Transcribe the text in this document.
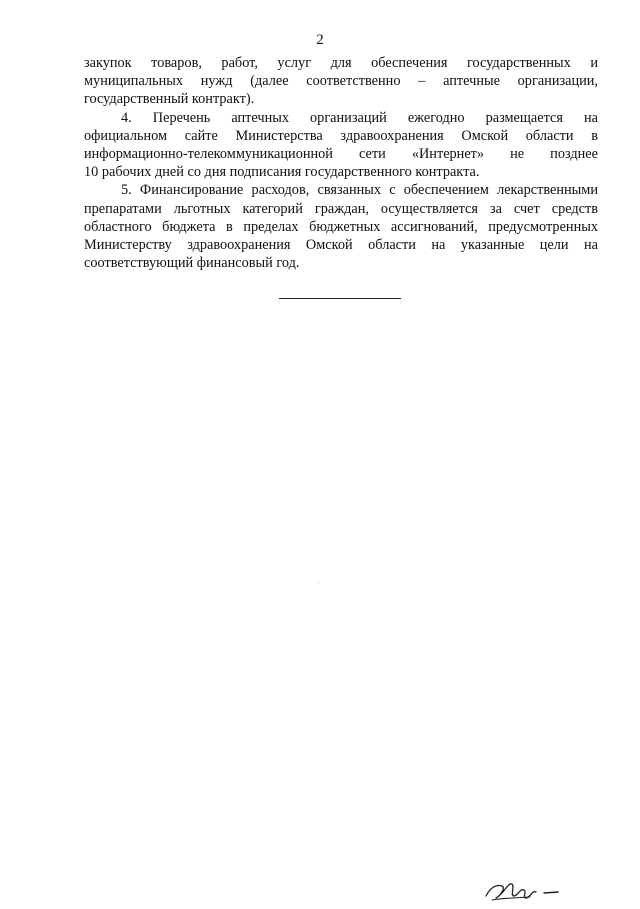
2

закупок товаров, работ, услуг для обеспечения государственных и
муниципальных нужд (далее соответственно – аптечные организации,
государственный контракт).

4. Перечень аптечных организаций ежегодно размещается на
официальном сайте Министерства здравоохранения Омской области в
информационно-телекоммуникационной сети «Интернет» не позднее
10 рабочих дней со дня подписания государственного контракта.

5. Финансирование расходов, связанных с обеспечением лекарственными
препаратами льготных категорий граждан, осуществляется за счет средств
областного бюджета в пределах бюджетных ассигнований, предусмотренных
Министерству здравоохранения Омской области на указанные цели на
соответствующий финансовый год.
